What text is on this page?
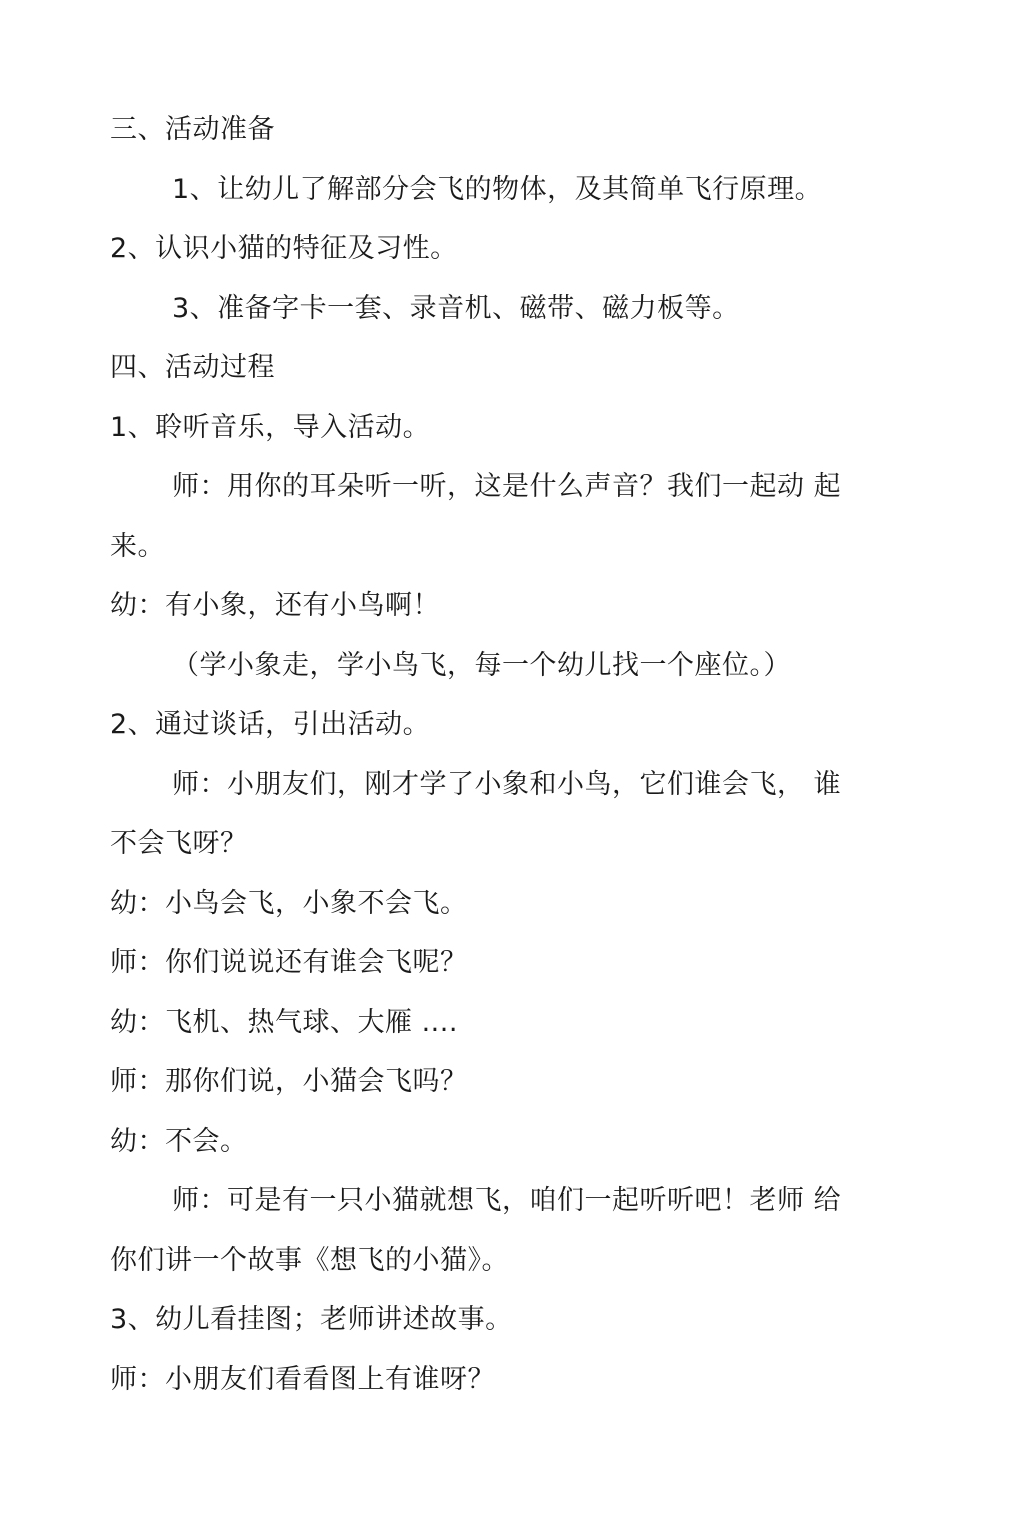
三、活动准备
1、让幼儿了解部分会飞的物体，及其简单飞行原理。
2、认识小猫的特征及习性。
3、准备字卡一套、录音机、磁带、磁力板等。
四、活动过程
1、聆听音乐，导入活动。
师：用你的耳朵听一听，这是什么声音？我们一起动 起
来。
幼：有小象，还有小鸟啊！
（学小象走，学小鸟飞，每一个幼儿找一个座位。）
2、通过谈话，引出活动。
师：小朋友们，刚才学了小象和小鸟，它们谁会飞， 谁
不会飞呀？
幼：小鸟会飞，小象不会飞。
师：你们说说还有谁会飞呢？
幼：飞机、热气球、大雁 ....
师：那你们说，小猫会飞吗？
幼：不会。
师：可是有一只小猫就想飞，咱们一起听听吧！老师 给
你们讲一个故事《想飞的小猫》。
3、幼儿看挂图；老师讲述故事。
师：小朋友们看看图上有谁呀？
